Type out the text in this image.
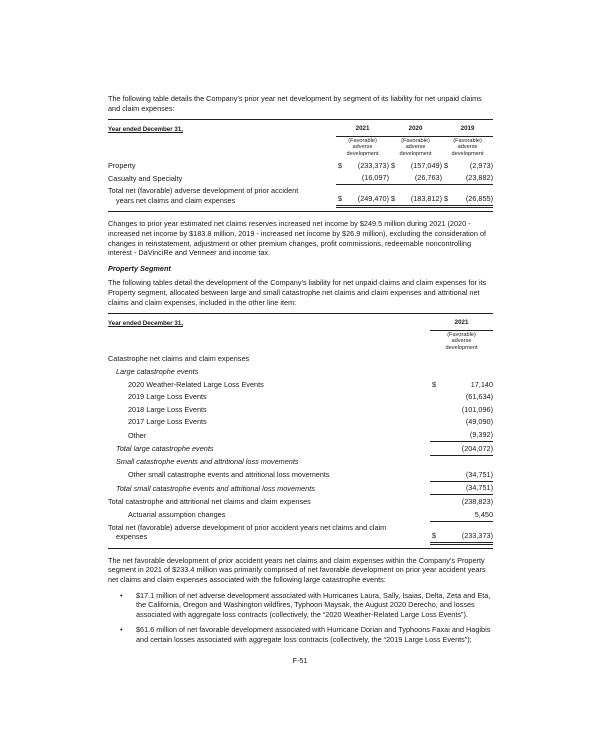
The following table details the Company’s prior year net development by segment of its liability for net unpaid claims and claim expenses:

Year ended December 31,	2021		2020		2019	

	(Favorable)
adverse
development		(Favorable)
adverse
development		(Favorable)
adverse
development	

Property	$	(233,373)	$	(157,049)	$	(2,973)
Casualty and Specialty		(16,097)		(26,763)		(23,882)

Total net (favorable) adverse development of prior accident
years net claims and claim expenses	$	(249,470)	$	(183,812)	$	(26,855)

Changes to prior year estimated net claims reserves increased net income by $249.5 million during 2021 (2020 - increased net income by $183.8 million, 2019 - increased net income by $26.9 million), excluding the consideration of changes in reinstatement, adjustment or other premium changes, profit commissions, redeemable noncontrolling interest - DaVinciRe and Vermeer and income tax.

Property Segment

The following tables detail the development of the Company’s liability for net unpaid claims and claim expenses for its Property segment, allocated between large and small catastrophe net claims and claim expenses and attritional net claims and claim expenses, included in the other line item:

Year ended December 31,	2021	

	(Favorable)
adverse
development	

Catastrophe net claims and claim expenses		
Large catastrophe events		
2020 Weather-Related Large Loss Events	$	17,140
2019 Large Loss Events		(61,634)
2018 Large Loss Events		(101,096)
2017 Large Loss Events		(49,090)
Other		(9,392)
Total large catastrophe events		(204,072)
Small catastrophe events and attritional loss movements		
Other small catastrophe events and attritional loss movements		(34,751)
Total small catastrophe events and attritional loss movements		(34,751)
Total catastrophe and attritional net claims and claim expenses		(238,823)
Actuarial assumption changes		5,450

Total net (favorable) adverse development of prior accident years net claims and claim
expenses	$	(233,373)

The net favorable development of prior accident years net claims and claim expenses within the Company’s Property segment in 2021 of $233.4 million was primarily comprised of net favorable development on prior year accident years net claims and claim expenses associated with the following large catastrophe events:

• $17.1 million of net adverse development associated with Hurricanes Laura, Sally, Isaias, Delta, Zeta and Eta, the California, Oregon and Washington wildfires, Typhoon Maysak, the August 2020 Derecho, and losses associated with aggregate loss contracts (collectively, the “2020 Weather-Related Large Loss Events”).
• $61.6 million of net favorable development associated with Hurricane Dorian and Typhoons Faxai and Hagibis and certain losses associated with aggregate loss contracts (collectively, the “2019 Large Loss Events”);
F-51
